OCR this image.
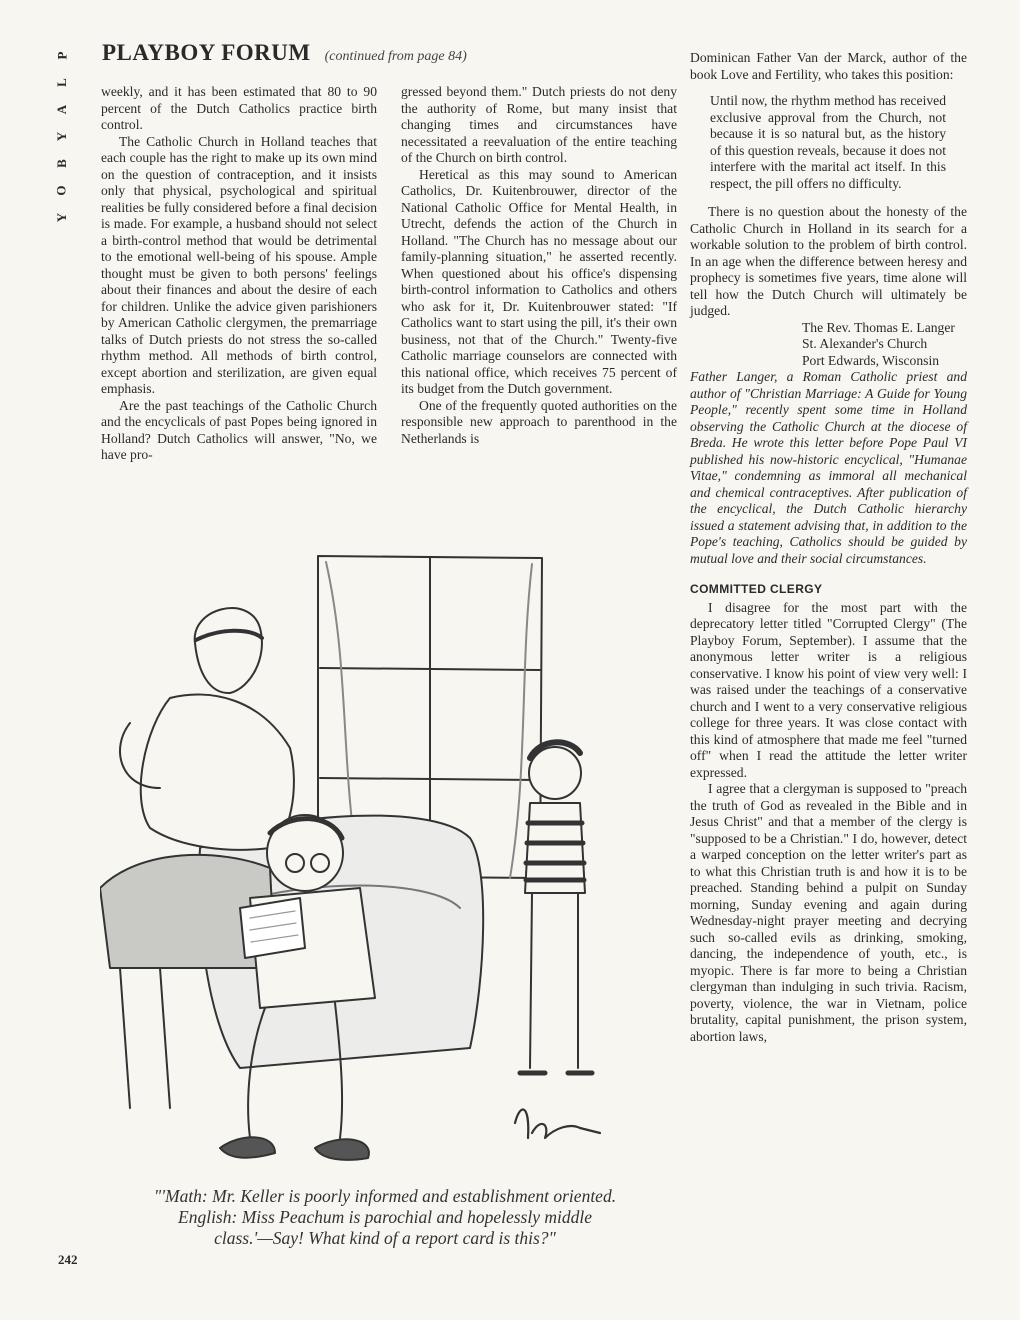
P
L
A
Y
B
O
Y
PLAYBOY FORUM (continued from page 84)

weekly, and it has been estimated that 80 to 90 percent of the Dutch Catholics practice birth control.

The Catholic Church in Holland teaches that each couple has the right to make up its own mind on the question of contraception, and it insists only that physical, psychological and spiritual realities be fully considered before a final decision is made. For example, a husband should not select a birth-control method that would be detrimental to the emotional well-being of his spouse. Ample thought must be given to both persons' feelings about their finances and about the desire of each for children. Unlike the advice given parishioners by American Catholic clergymen, the premarriage talks of Dutch priests do not stress the so-called rhythm method. All methods of birth control, except abortion and sterilization, are given equal emphasis.

Are the past teachings of the Catholic Church and the encyclicals of past Popes being ignored in Holland? Dutch Catholics will answer, "No, we have pro-

gressed beyond them." Dutch priests do not deny the authority of Rome, but many insist that changing times and circumstances have necessitated a reevaluation of the entire teaching of the Church on birth control.

Heretical as this may sound to American Catholics, Dr. Kuitenbrouwer, director of the National Catholic Office for Mental Health, in Utrecht, defends the action of the Church in Holland. "The Church has no message about our family-planning situation," he asserted recently. When questioned about his office's dispensing birth-control information to Catholics and others who ask for it, Dr. Kuitenbrouwer stated: "If Catholics want to start using the pill, it's their own business, not that of the Church." Twenty-five Catholic marriage counselors are connected with this national office, which receives 75 percent of its budget from the Dutch government.

One of the frequently quoted authorities on the responsible new approach to parenthood in the Netherlands is

Dominican Father Van der Marck, author of the book Love and Fertility, who takes this position:

Until now, the rhythm method has received exclusive approval from the Church, not because it is so natural but, as the history of this question reveals, because it does not interfere with the marital act itself. In this respect, the pill offers no difficulty.

There is no question about the honesty of the Catholic Church in Holland in its search for a workable solution to the problem of birth control. In an age when the difference between heresy and prophecy is sometimes five years, time alone will tell how the Dutch Church will ultimately be judged.

The Rev. Thomas E. Langer

St. Alexander's Church

Port Edwards, Wisconsin

Father Langer, a Roman Catholic priest and author of "Christian Marriage: A Guide for Young People," recently spent some time in Holland observing the Catholic Church at the diocese of Breda. He wrote this letter before Pope Paul VI published his now-historic encyclical, "Humanae Vitae," condemning as immoral all mechanical and chemical contraceptives. After publication of the encyclical, the Dutch Catholic hierarchy issued a statement advising that, in addition to the Pope's teaching, Catholics should be guided by mutual love and their social circumstances.

COMMITTED CLERGY

I disagree for the most part with the deprecatory letter titled "Corrupted Clergy" (The Playboy Forum, September). I assume that the anonymous letter writer is a religious conservative. I know his point of view very well: I was raised under the teachings of a conservative church and I went to a very conservative religious college for three years. It was close contact with this kind of atmosphere that made me feel "turned off" when I read the attitude the letter writer expressed.

I agree that a clergyman is supposed to "preach the truth of God as revealed in the Bible and in Jesus Christ" and that a member of the clergy is "supposed to be a Christian." I do, however, detect a warped conception on the letter writer's part as to what this Christian truth is and how it is to be preached. Standing behind a pulpit on Sunday morning, Sunday evening and again during Wednesday-night prayer meeting and decrying such so-called evils as drinking, smoking, dancing, the independence of youth, etc., is myopic. There is far more to being a Christian clergyman than indulging in such trivia. Racism, poverty, violence, the war in Vietnam, police brutality, capital punishment, the prison system, abortion laws,

"'Math: Mr. Keller is poorly informed and establishment oriented. English: Miss Peachum is parochial and hopelessly middle class.'—Say! What kind of a report card is this?"
242
